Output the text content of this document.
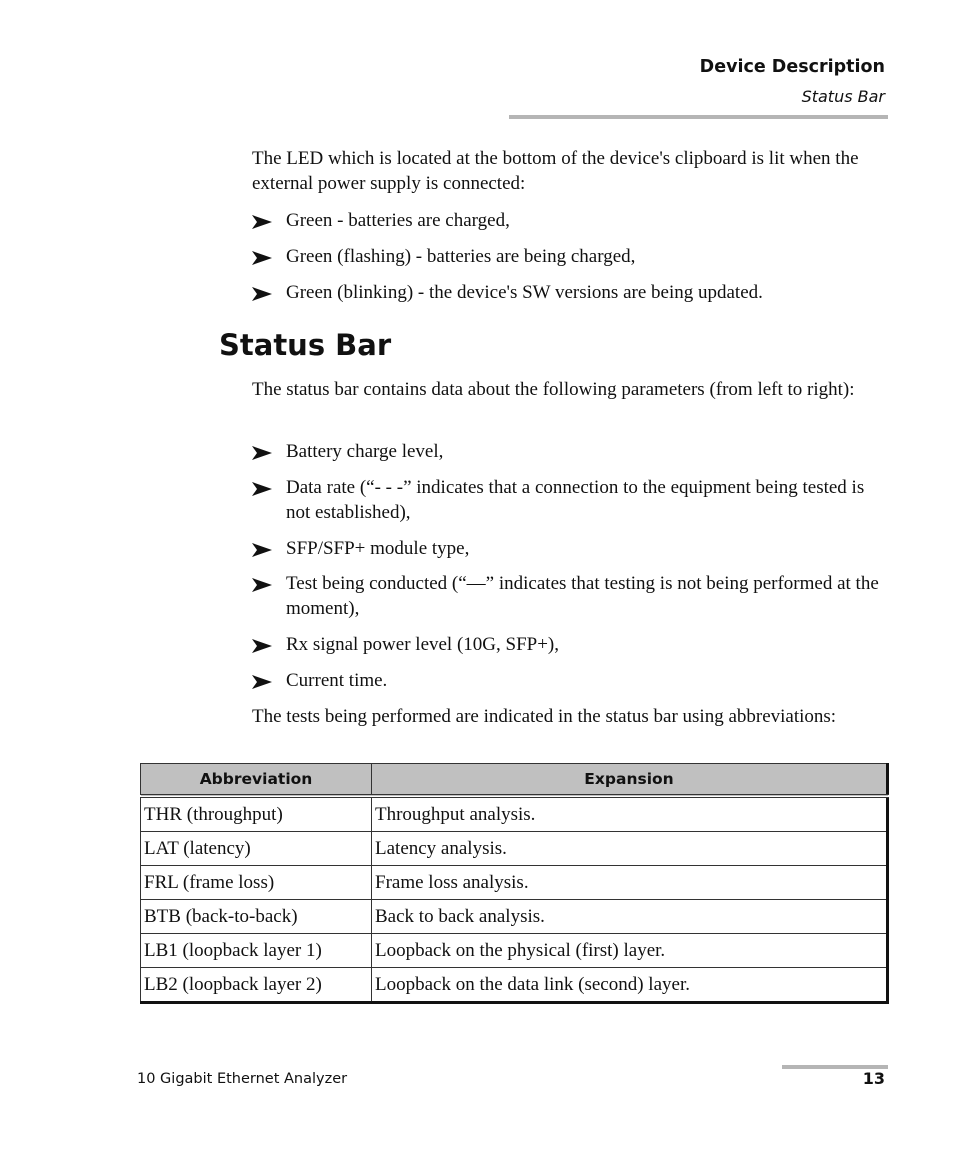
Device Description
Status Bar

The LED which is located at the bottom of the device's clipboard is lit when the external power supply is connected:

Green - batteries are charged,
Green (flashing) - batteries are being charged,
Green (blinking) - the device's SW versions are being updated.
Status Bar

The status bar contains data about the following parameters (from left to right):

Battery charge level,
Data rate (“- - -” indicates that a connection to the equipment being tested is not established),
SFP/SFP+ module type,
Test being conducted (“—” indicates that testing is not being performed at the moment),
Rx signal power level (10G, SFP+),
Current time.

The tests being performed are indicated in the status bar using abbreviations:

Abbreviation	Expansion
THR (throughput)	Throughput analysis.
LAT (latency)	Latency analysis.
FRL (frame loss)	Frame loss analysis.
BTB (back-to-back)	Back to back analysis.
LB1 (loopback layer 1)	Loopback on the physical (first) layer.
LB2 (loopback layer 2)	Loopback on the data link (second) layer.
10 Gigabit Ethernet Analyzer	13
